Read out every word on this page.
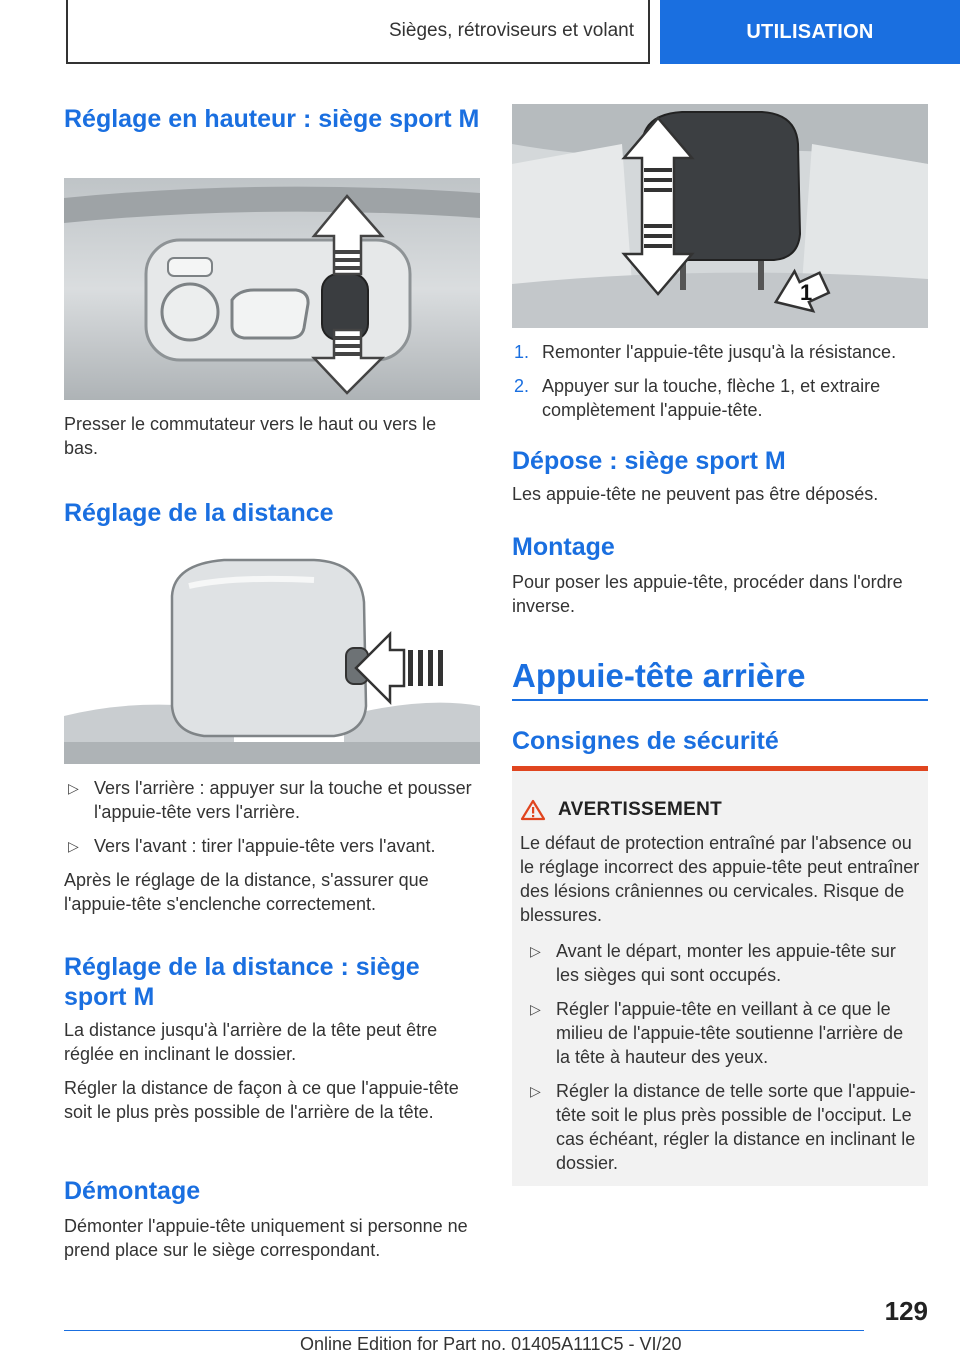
Sièges, rétroviseurs et volant	UTILISATION
Réglage en hauteur : siège sport M

Presser le commutateur vers le haut ou vers le bas.

Réglage de la distance
▷ Vers l'arrière : appuyer sur la touche et pousser l'appuie-tête vers l'arrière.
▷ Vers l'avant : tirer l'appuie-tête vers l'avant.

Après le réglage de la distance, s'assurer que l'appuie-tête s'enclenche correctement.

Réglage de la distance : siège sport M

La distance jusqu'à l'arrière de la tête peut être réglée en inclinant le dossier.

Régler la distance de façon à ce que l'appuie-tête soit le plus près possible de l'arrière de la tête.

Démontage

Démonter l'appuie-tête uniquement si personne ne prend place sur le siège correspondant.

1
1. Remonter l'appuie-tête jusqu'à la résistance.
2. Appuyer sur la touche, flèche 1, et extraire complètement l'appuie-tête.
Dépose : siège sport M

Les appuie-tête ne peuvent pas être déposés.

Montage

Pour poser les appuie-tête, procéder dans l'ordre inverse.

Appuie-tête arrière
Consignes de sécurité
AVERTISSEMENT
Le défaut de protection entraîné par l'absence ou le réglage incorrect des appuie-tête peut entraîner des lésions crâniennes ou cervicales. Risque de blessures.
▷ Avant le départ, monter les appuie-tête sur les sièges qui sont occupés.
▷ Régler l'appuie-tête en veillant à ce que le milieu de l'appuie-tête soutienne l'arrière de la tête à hauteur des yeux.
▷ Régler la distance de telle sorte que l'appuie-tête soit le plus près possible de l'occiput. Le cas échéant, régler la distance en inclinant le dossier.
129
Online Edition for Part no. 01405A111C5 - VI/20
